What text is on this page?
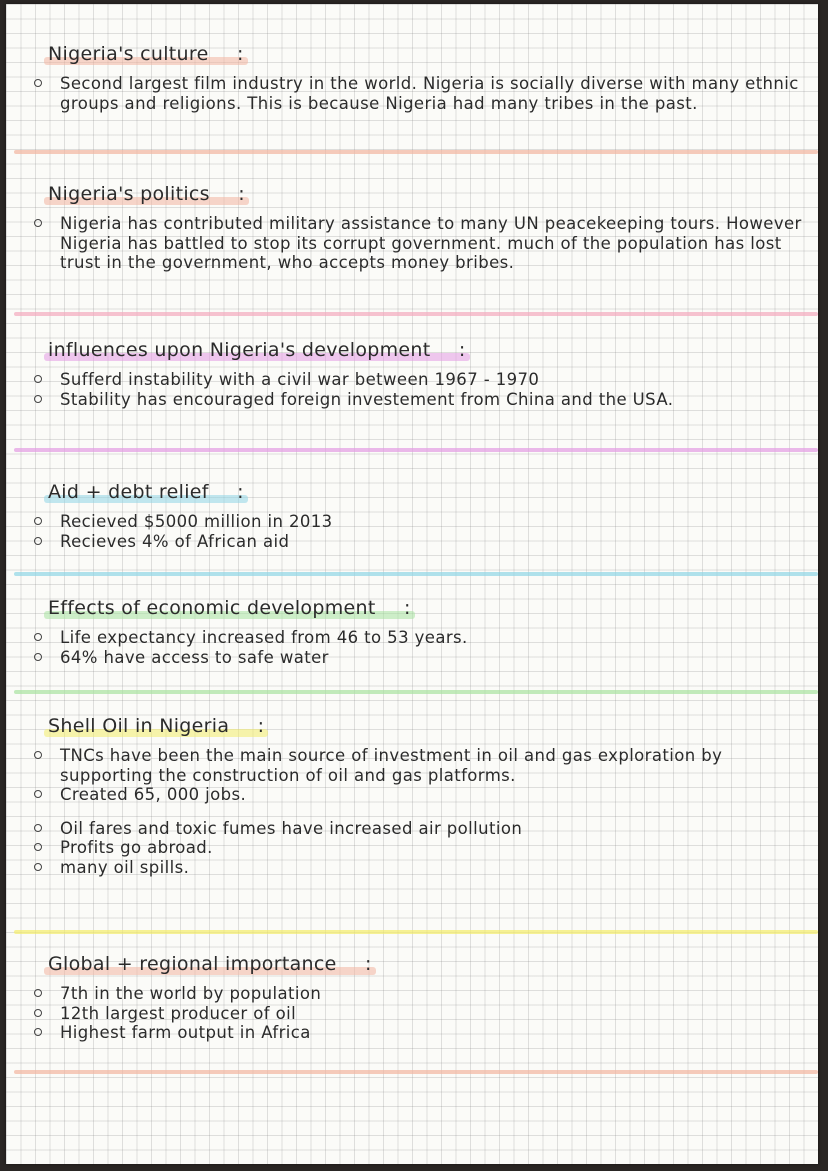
Nigeria's culture :
Second largest film industry in the world. Nigeria is socially diverse with many ethnic groups and religions. This is because Nigeria had many tribes in the past.
Nigeria's politics :
Nigeria has contributed military assistance to many UN peacekeeping tours. However Nigeria has battled to stop its corrupt government. much of the population has lost trust in the government, who accepts money bribes.
influences upon Nigeria's development :
Sufferd instability with a civil war between 1967 - 1970
Stability has encouraged foreign investement from China and the USA.
Aid + debt relief :
Recieved $5000 million in 2013
Recieves 4% of African aid
Effects of economic development :
Life expectancy increased from 46 to 53 years.
64% have access to safe water
Shell Oil in Nigeria :
TNCs have been the main source of investment in oil and gas exploration by supporting the construction of oil and gas platforms.
Created 65, 000 jobs.
Oil fares and toxic fumes have increased air pollution
Profits go abroad.
many oil spills.
Global + regional importance :
7th in the world by population
12th largest producer of oil
Highest farm output in Africa
